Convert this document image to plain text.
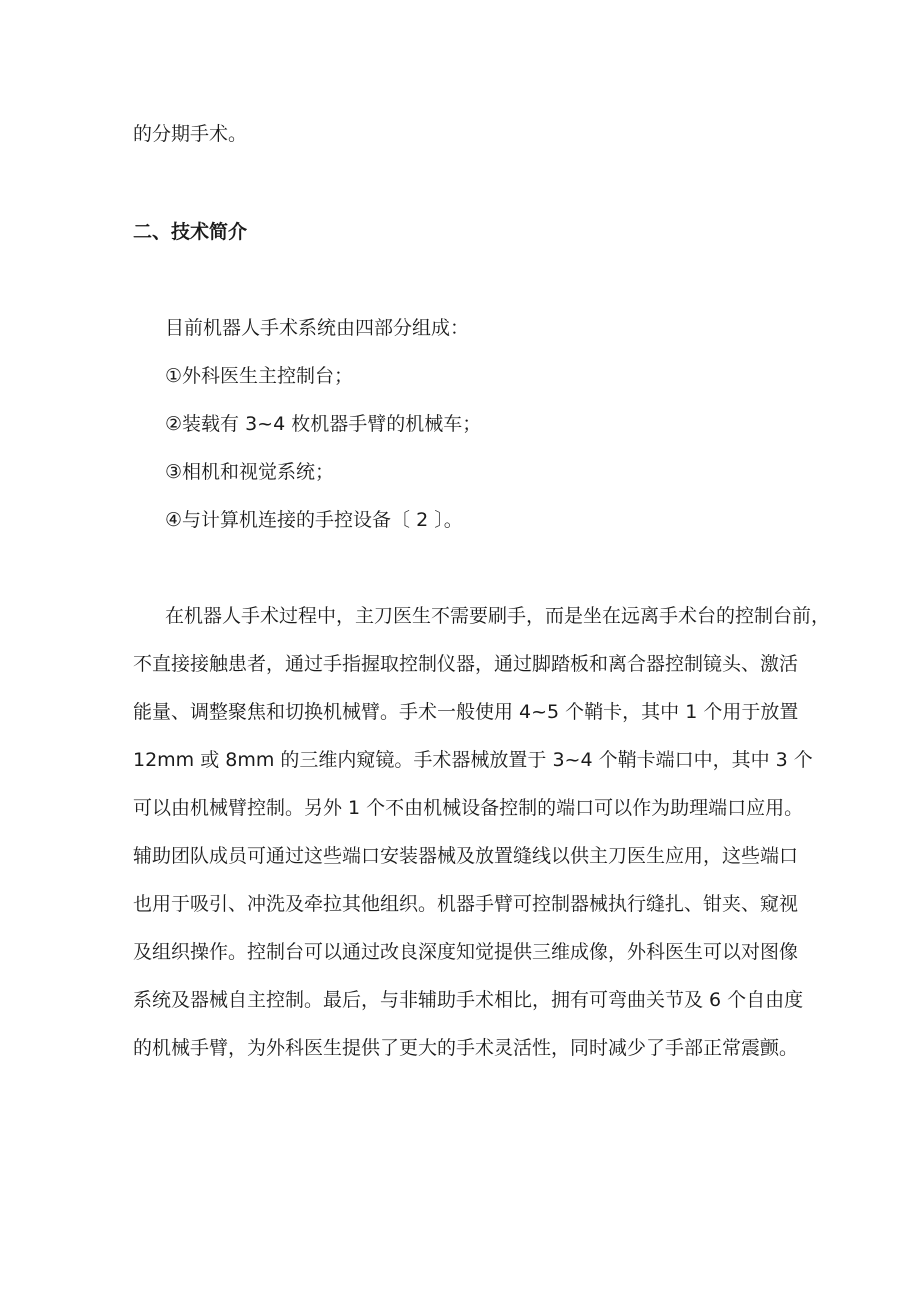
的分期手术。
二、技术简介
目前机器人手术系统由四部分组成：
①外科医生主控制台；
②装载有 3~4 枚机器手臂的机械车；
③相机和视觉系统；
④与计算机连接的手控设备〔 2 〕。
在机器人手术过程中，主刀医生不需要刷手，而是坐在远离手术台的控制台前，
不直接接触患者，通过手指握取控制仪器，通过脚踏板和离合器控制镜头、激活
能量、调整聚焦和切换机械臂。手术一般使用 4~5 个鞘卡，其中 1 个用于放置
12mm 或 8mm 的三维内窥镜。手术器械放置于 3~4 个鞘卡端口中，其中 3 个
可以由机械臂控制。另外 1 个不由机械设备控制的端口可以作为助理端口应用。
辅助团队成员可通过这些端口安装器械及放置缝线以供主刀医生应用，这些端口
也用于吸引、冲洗及牵拉其他组织。机器手臂可控制器械执行缝扎、钳夹、窥视
及组织操作。控制台可以通过改良深度知觉提供三维成像，外科医生可以对图像
系统及器械自主控制。最后，与非辅助手术相比，拥有可弯曲关节及 6 个自由度
的机械手臂，为外科医生提供了更大的手术灵活性，同时减少了手部正常震颤。
